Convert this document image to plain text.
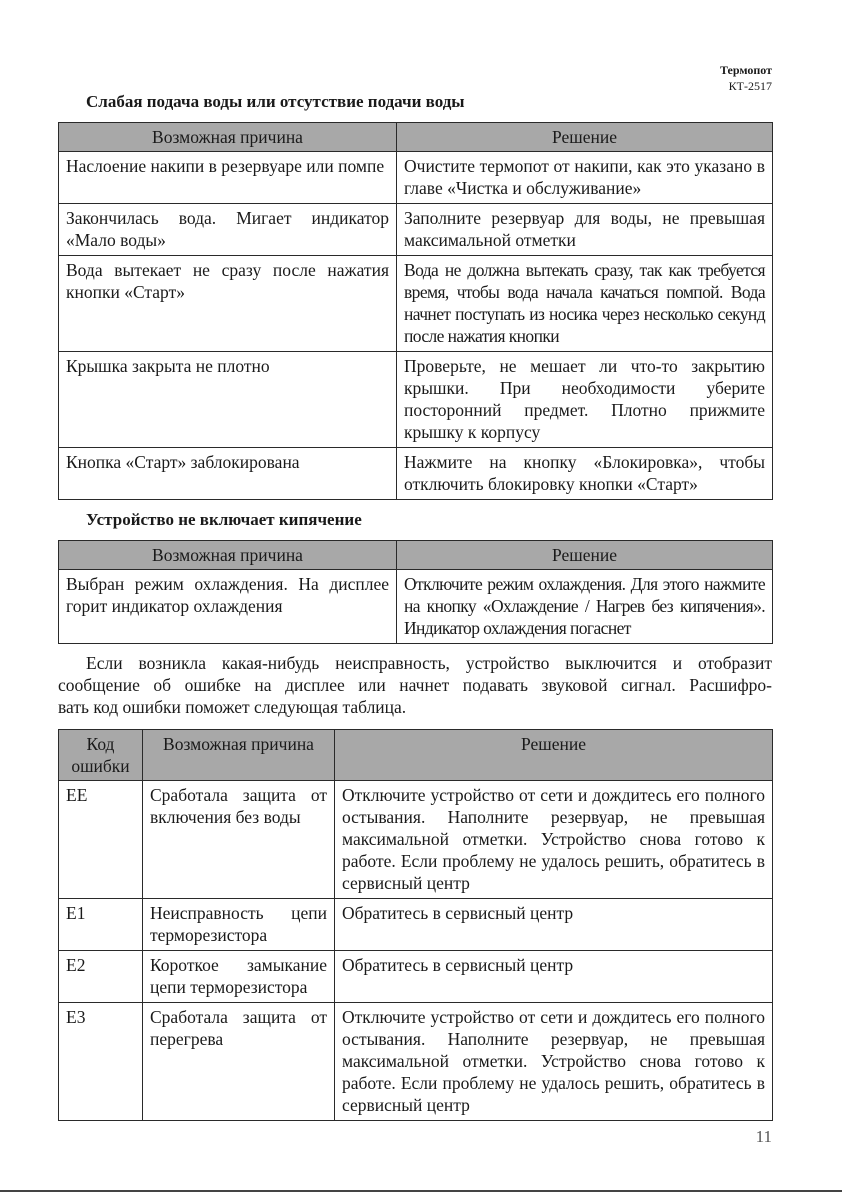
Термопот
КТ-2517
Слабая подача воды или отсутствие подачи воды
Возможная причина	Решение
Наслоение накипи в резервуаре или помпе	Очистите термопот от накипи, как это указано в главе «Чистка и обслуживание»
Закончилась вода. Мигает индикатор «Мало воды»	Заполните резервуар для воды, не превышая максимальной отметки
Вода вытекает не сразу после нажатия кнопки «Старт»	Вода не должна вытекать сразу, так как требуется время, чтобы вода начала качаться помпой. Вода начнет поступать из носика через несколько секунд после нажатия кнопки
Крышка закрыта не плотно	Проверьте, не мешает ли что-то закрытию крышки. При необходимости уберите посторонний предмет. Плотно прижмите крышку к корпусу
Кнопка «Старт» заблокирована	Нажмите на кнопку «Блокировка», чтобы отключить блокировку кнопки «Старт»
Устройство не включает кипячение
Возможная причина	Решение
Выбран режим охлаждения. На дисплее горит индикатор охлаждения	Отключите режим охлаждения. Для этого нажмите на кнопку «Охлаждение / Нагрев без кипячения». Индикатор охлаждения погаснет
Если возникла какая-нибудь неисправность, устройство выключится и отобразит
сообщение об ошибке на дисплее или начнет подавать звуковой сигнал. Расшифро-
вать код ошибки поможет следующая таблица.
Код ошибки	Возможная причина	Решение
ЕЕ	Сработала защита от включения без воды	Отключите устройство от сети и дождитесь его полного остывания. Наполните резервуар, не превышая максимальной отметки. Устройство снова готово к работе. Если проблему не удалось решить, обратитесь в сервисный центр
Е1	Неисправность цепи терморезистора	Обратитесь в сервисный центр
Е2	Короткое замыкание цепи терморезистора	Обратитесь в сервисный центр
Е3	Сработала защита от перегрева	Отключите устройство от сети и дождитесь его полного остывания. Наполните резервуар, не превышая максимальной отметки. Устройство снова готово к работе. Если проблему не удалось решить, обратитесь в сервисный центр
11
